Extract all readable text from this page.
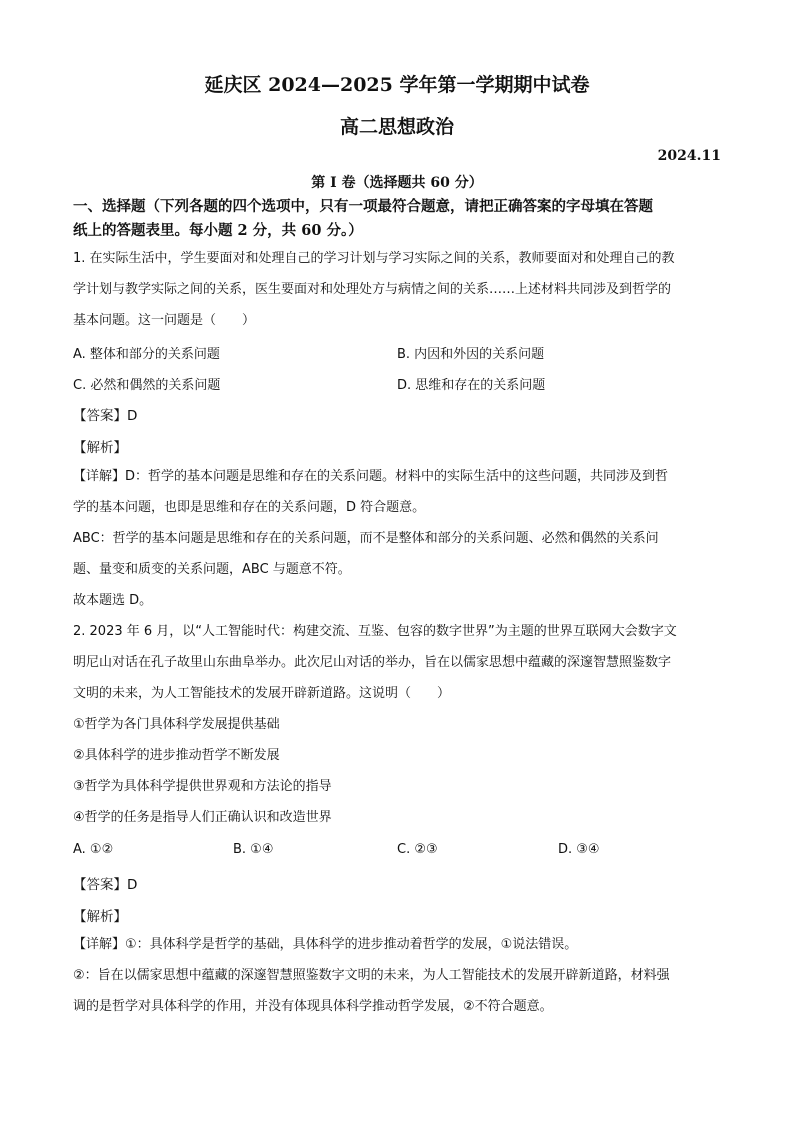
延庆区 2024—2025 学年第一学期期中试卷
高二思想政治
2024.11
第 I 卷（选择题共 60 分）
一、选择题（下列各题的四个选项中，只有一项最符合题意，请把正确答案的字母填在答题
纸上的答题表里。每小题 2 分，共 60 分。）
1. 在实际生活中，学生要面对和处理自己的学习计划与学习实际之间的关系，教师要面对和处理自己的教
学计划与教学实际之间的关系，医生要面对和处理处方与病情之间的关系……上述材料共同涉及到哲学的
基本问题。这一问题是（　　）
A. 整体和部分的关系问题	B. 内因和外因的关系问题
C. 必然和偶然的关系问题	D. 思维和存在的关系问题
【答案】D
【解析】
【详解】D：哲学的基本问题是思维和存在的关系问题。材料中的实际生活中的这些问题，共同涉及到哲
学的基本问题，也即是思维和存在的关系问题，D 符合题意。
ABC：哲学的基本问题是思维和存在的关系问题，而不是整体和部分的关系问题、必然和偶然的关系问
题、量变和质变的关系问题，ABC 与题意不符。
故本题选 D。
2. 2023 年 6 月，以“人工智能时代：构建交流、互鉴、包容的数字世界”为主题的世界互联网大会数字文
明尼山对话在孔子故里山东曲阜举办。此次尼山对话的举办，旨在以儒家思想中蕴藏的深邃智慧照鉴数字
文明的未来，为人工智能技术的发展开辟新道路。这说明（　　）
①哲学为各门具体科学发展提供基础
②具体科学的进步推动哲学不断发展
③哲学为具体科学提供世界观和方法论的指导
④哲学的任务是指导人们正确认识和改造世界
A. ①②	B. ①④	C. ②③	D. ③④
【答案】D
【解析】
【详解】①：具体科学是哲学的基础，具体科学的进步推动着哲学的发展，①说法错误。
②：旨在以儒家思想中蕴藏的深邃智慧照鉴数字文明的未来，为人工智能技术的发展开辟新道路，材料强
调的是哲学对具体科学的作用，并没有体现具体科学推动哲学发展，②不符合题意。
